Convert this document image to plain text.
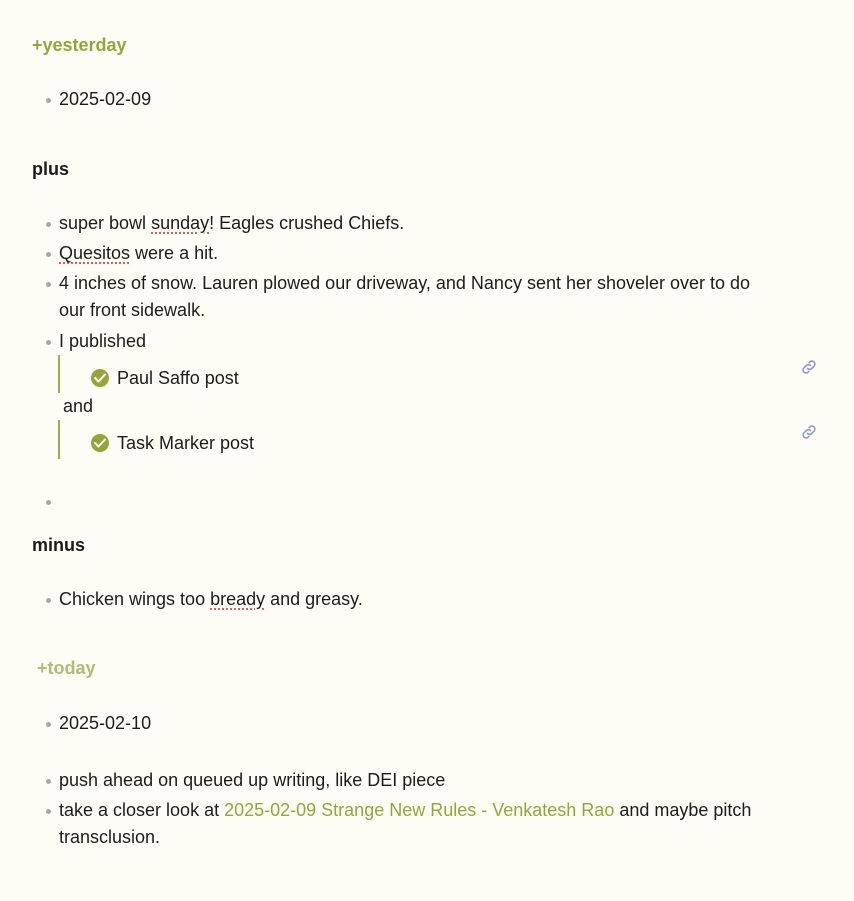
+yesterday
2025-02-09
plus
super bowl sunday! Eagles crushed Chiefs.
Quesitos were a hit.
4 inches of snow. Lauren plowed our driveway, and Nancy sent her shoveler over to do
our front sidewalk.
I published
Paul Saffo post
and
Task Marker post
minus
Chicken wings too bready and greasy.
+today
2025-02-10
push ahead on queued up writing, like DEI piece
take a closer look at 2025-02-09 Strange New Rules - Venkatesh Rao and maybe pitch
transclusion.
